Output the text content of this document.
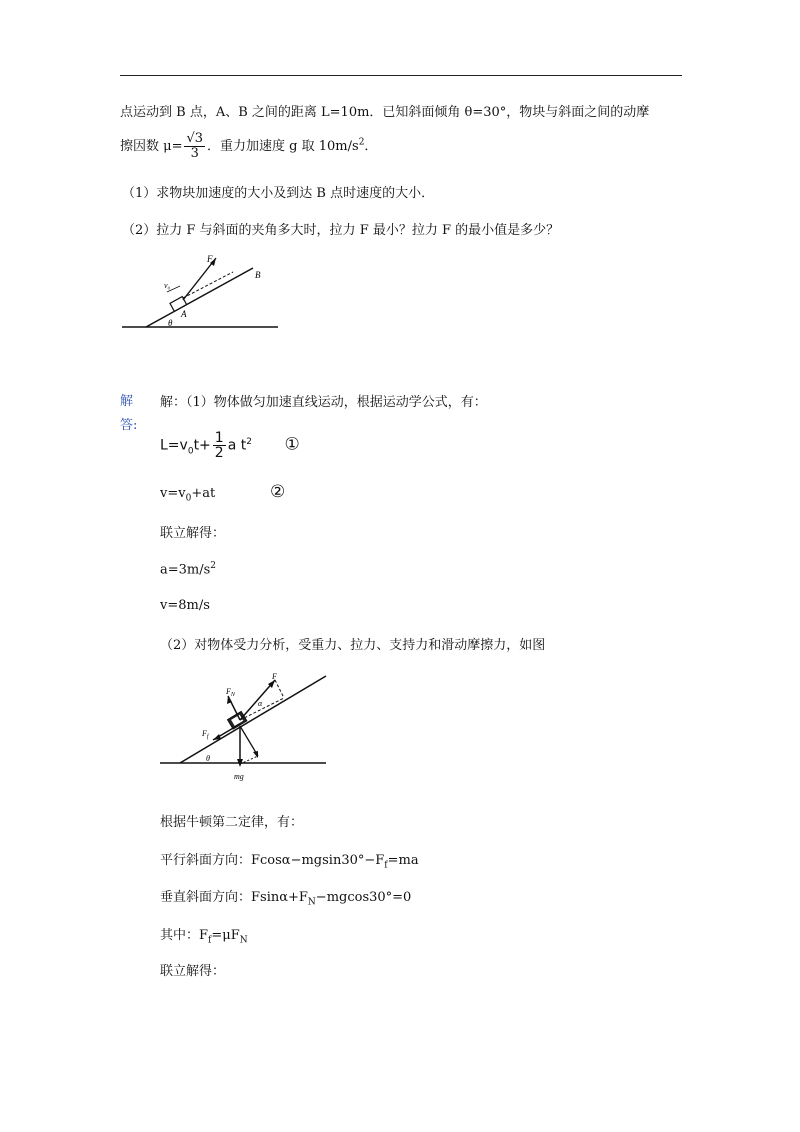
点运动到 B 点，A、B 之间的距离 L=10m．已知斜面倾角 θ=30°，物块与斜面之间的动摩
擦因数 $\mu= \frac{√3}{3}$ ．重力加速度 g 取 $10m/s^2$．
（1）求物块加速度的大小及到达 B 点时速度的大小．
（2）拉力 F 与斜面的夹角多大时，拉力 F 最小？拉力 F 的最小值是多少？
F
v₀
B
A
θ
解
答:
解：（1）物体做匀加速直线运动，根据运动学公式，有：
$L=v_0t+ \frac{1}{2}$ a $t^2$ ①
$v=v_0+at$	②
联立解得：
$a=3m/s^2$
v=8m/s
（2）对物体受力分析，受重力、拉力、支持力和滑动摩擦力，如图
F
$F_N$
$F_f$
α
θ
mg
根据牛顿第二定律，有：
平行斜面方向：$Fcos\alpha-mgsin30^\circ-F_f=ma$
垂直斜面方向：$Fsin\alpha+F_N-mgcos30^\circ=0$
其中：$F_f=\mu F_N$
联立解得：
